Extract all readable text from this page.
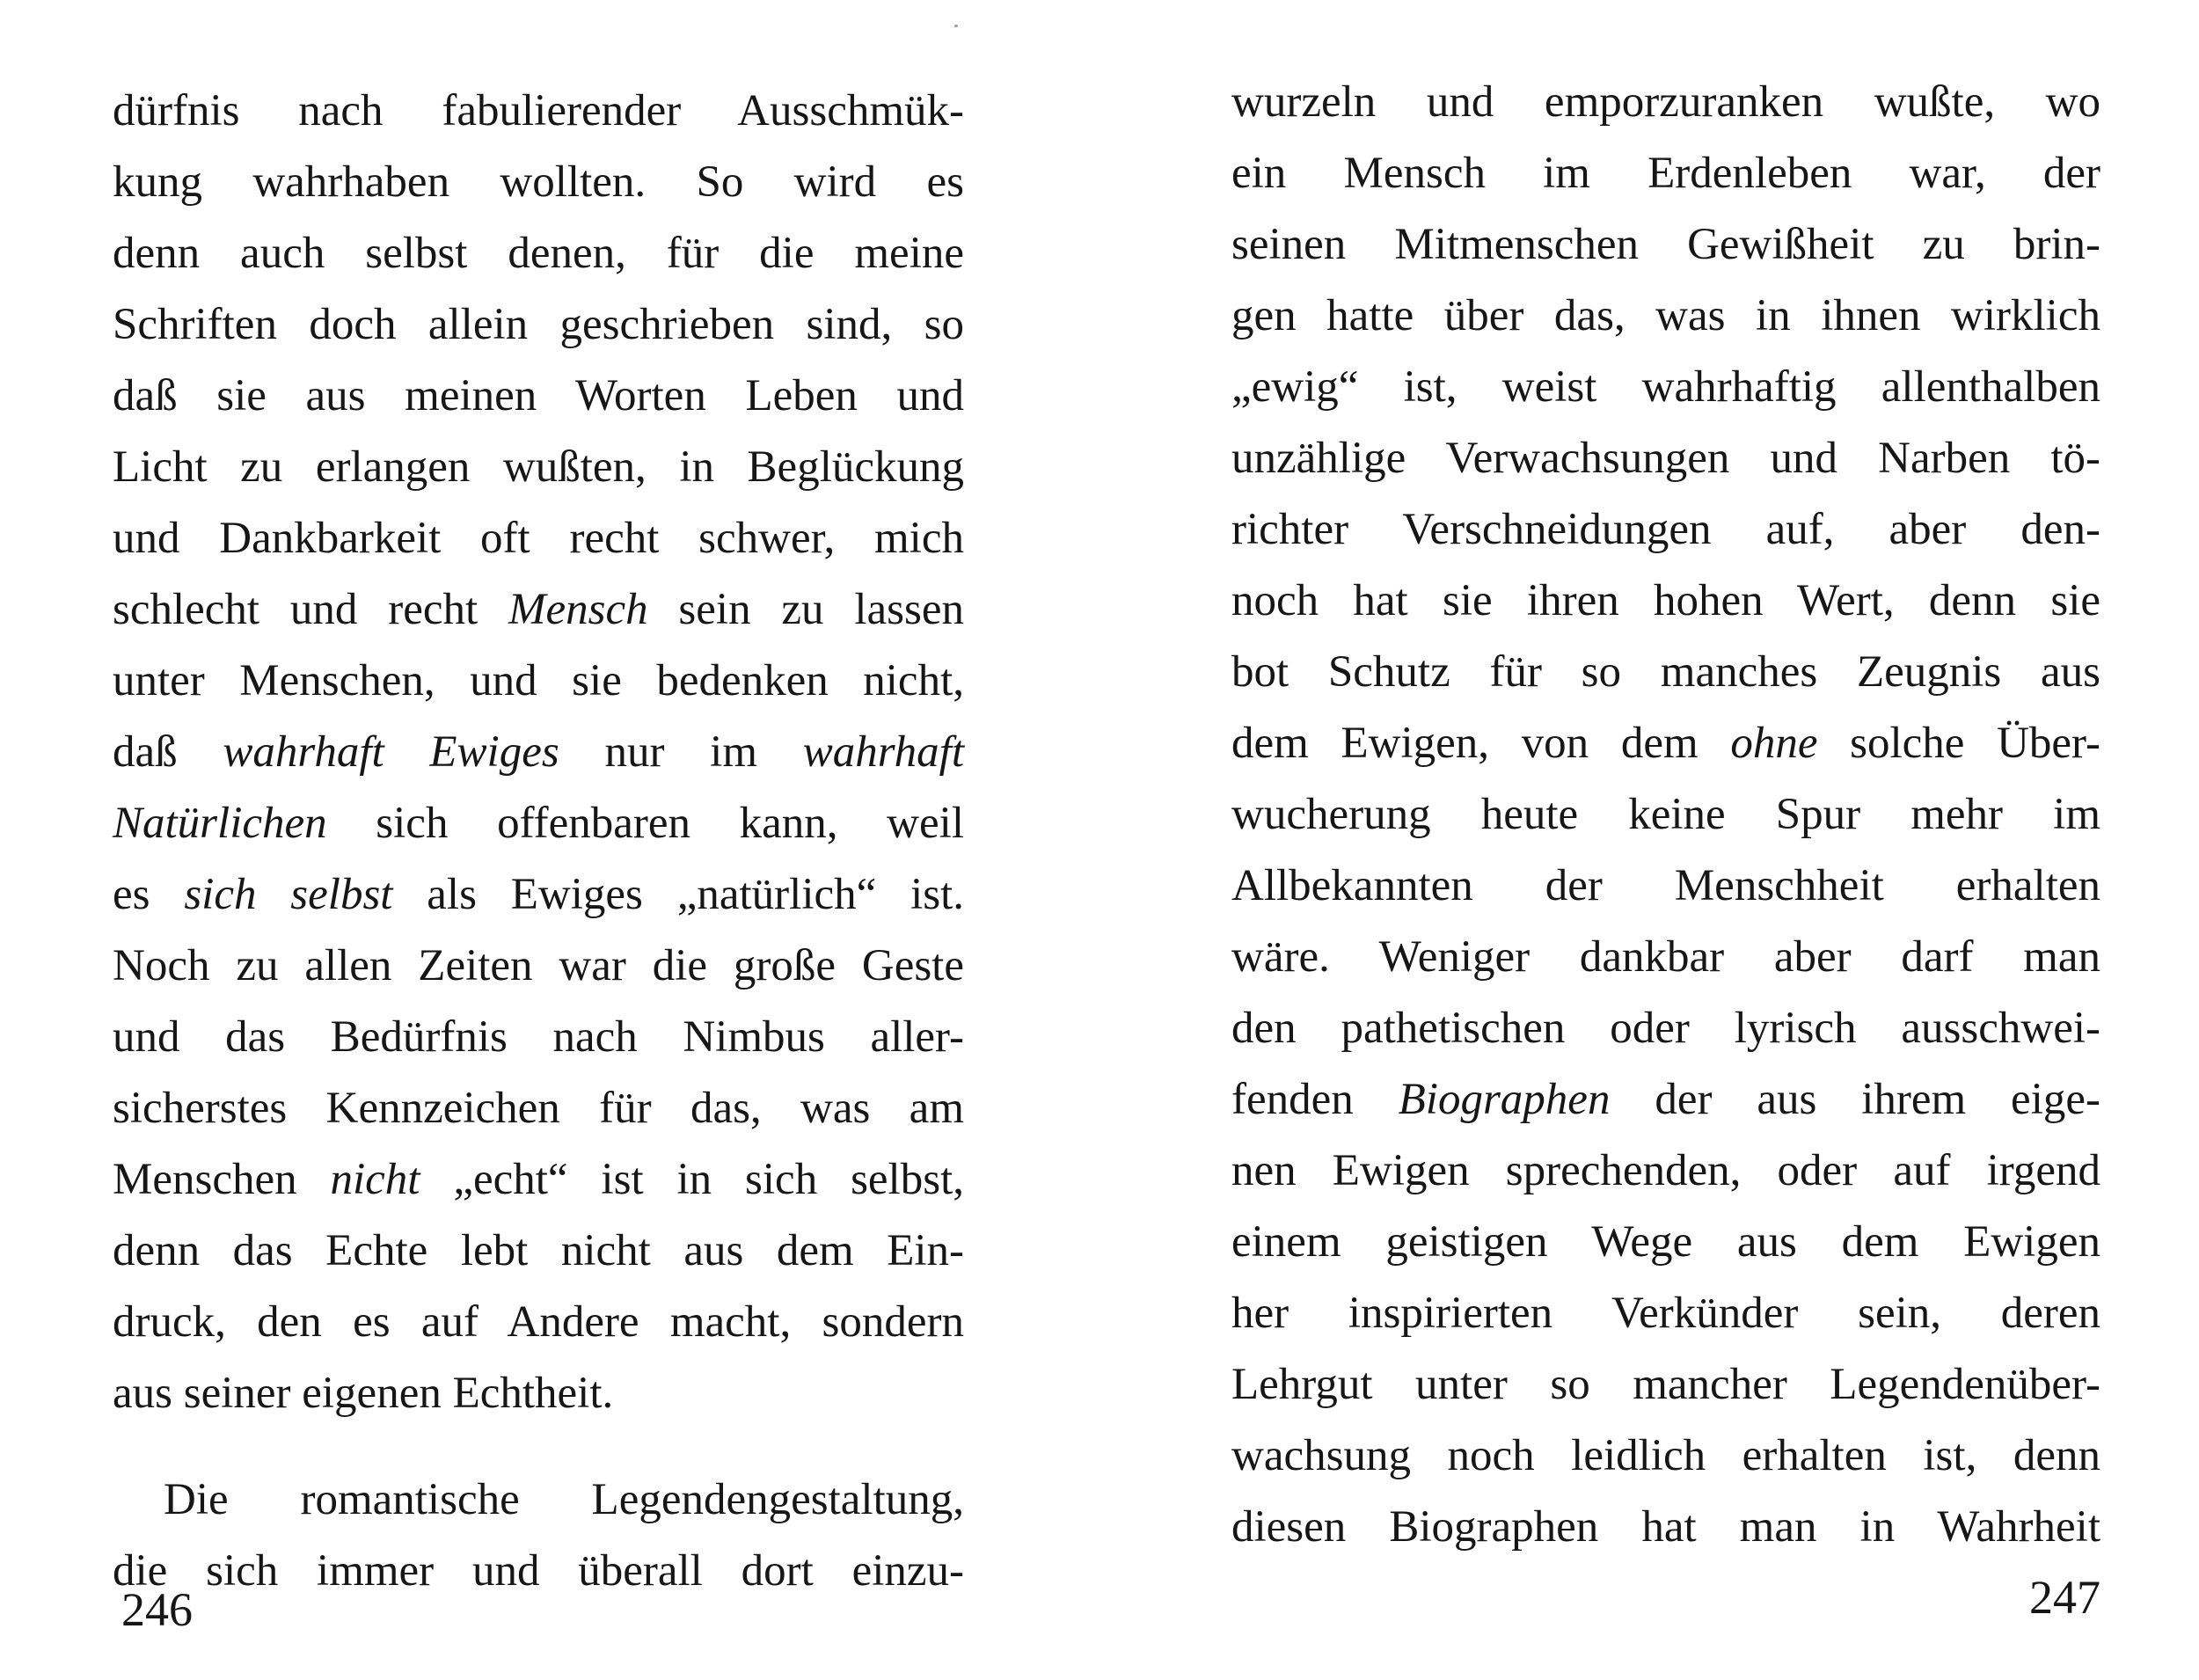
dürfnis nach fabulierender Ausschmük-
kung wahrhaben wollten. So wird es
denn auch selbst denen, für die meine
Schriften doch allein geschrieben sind, so
daß sie aus meinen Worten Leben und
Licht zu erlangen wußten, in Beglückung
und Dankbarkeit oft recht schwer, mich
schlecht und recht Mensch sein zu lassen
unter Menschen, und sie bedenken nicht,
daß wahrhaft Ewiges nur im wahrhaft
Natürlichen sich offenbaren kann, weil
es sich selbst als Ewiges „natürlich“ ist.
Noch zu allen Zeiten war die große Geste
und das Bedürfnis nach Nimbus aller-
sicherstes Kennzeichen für das, was am
Menschen nicht „echt“ ist in sich selbst,
denn das Echte lebt nicht aus dem Ein-
druck, den es auf Andere macht, sondern
aus seiner eigenen Echtheit.
Die romantische Legendengestaltung,
die sich immer und überall dort einzu-
246
wurzeln und emporzuranken wußte, wo
ein Mensch im Erdenleben war, der
seinen Mitmenschen Gewißheit zu brin-
gen hatte über das, was in ihnen wirklich
„ewig“ ist, weist wahrhaftig allenthalben
unzählige Verwachsungen und Narben tö-
richter Verschneidungen auf, aber den-
noch hat sie ihren hohen Wert, denn sie
bot Schutz für so manches Zeugnis aus
dem Ewigen, von dem ohne solche Über-
wucherung heute keine Spur mehr im
Allbekannten der Menschheit erhalten
wäre. Weniger dankbar aber darf man
den pathetischen oder lyrisch ausschwei-
fenden Biographen der aus ihrem eige-
nen Ewigen sprechenden, oder auf irgend
einem geistigen Wege aus dem Ewigen
her inspirierten Verkünder sein, deren
Lehrgut unter so mancher Legendenüber-
wachsung noch leidlich erhalten ist, denn
diesen Biographen hat man in Wahrheit
247
